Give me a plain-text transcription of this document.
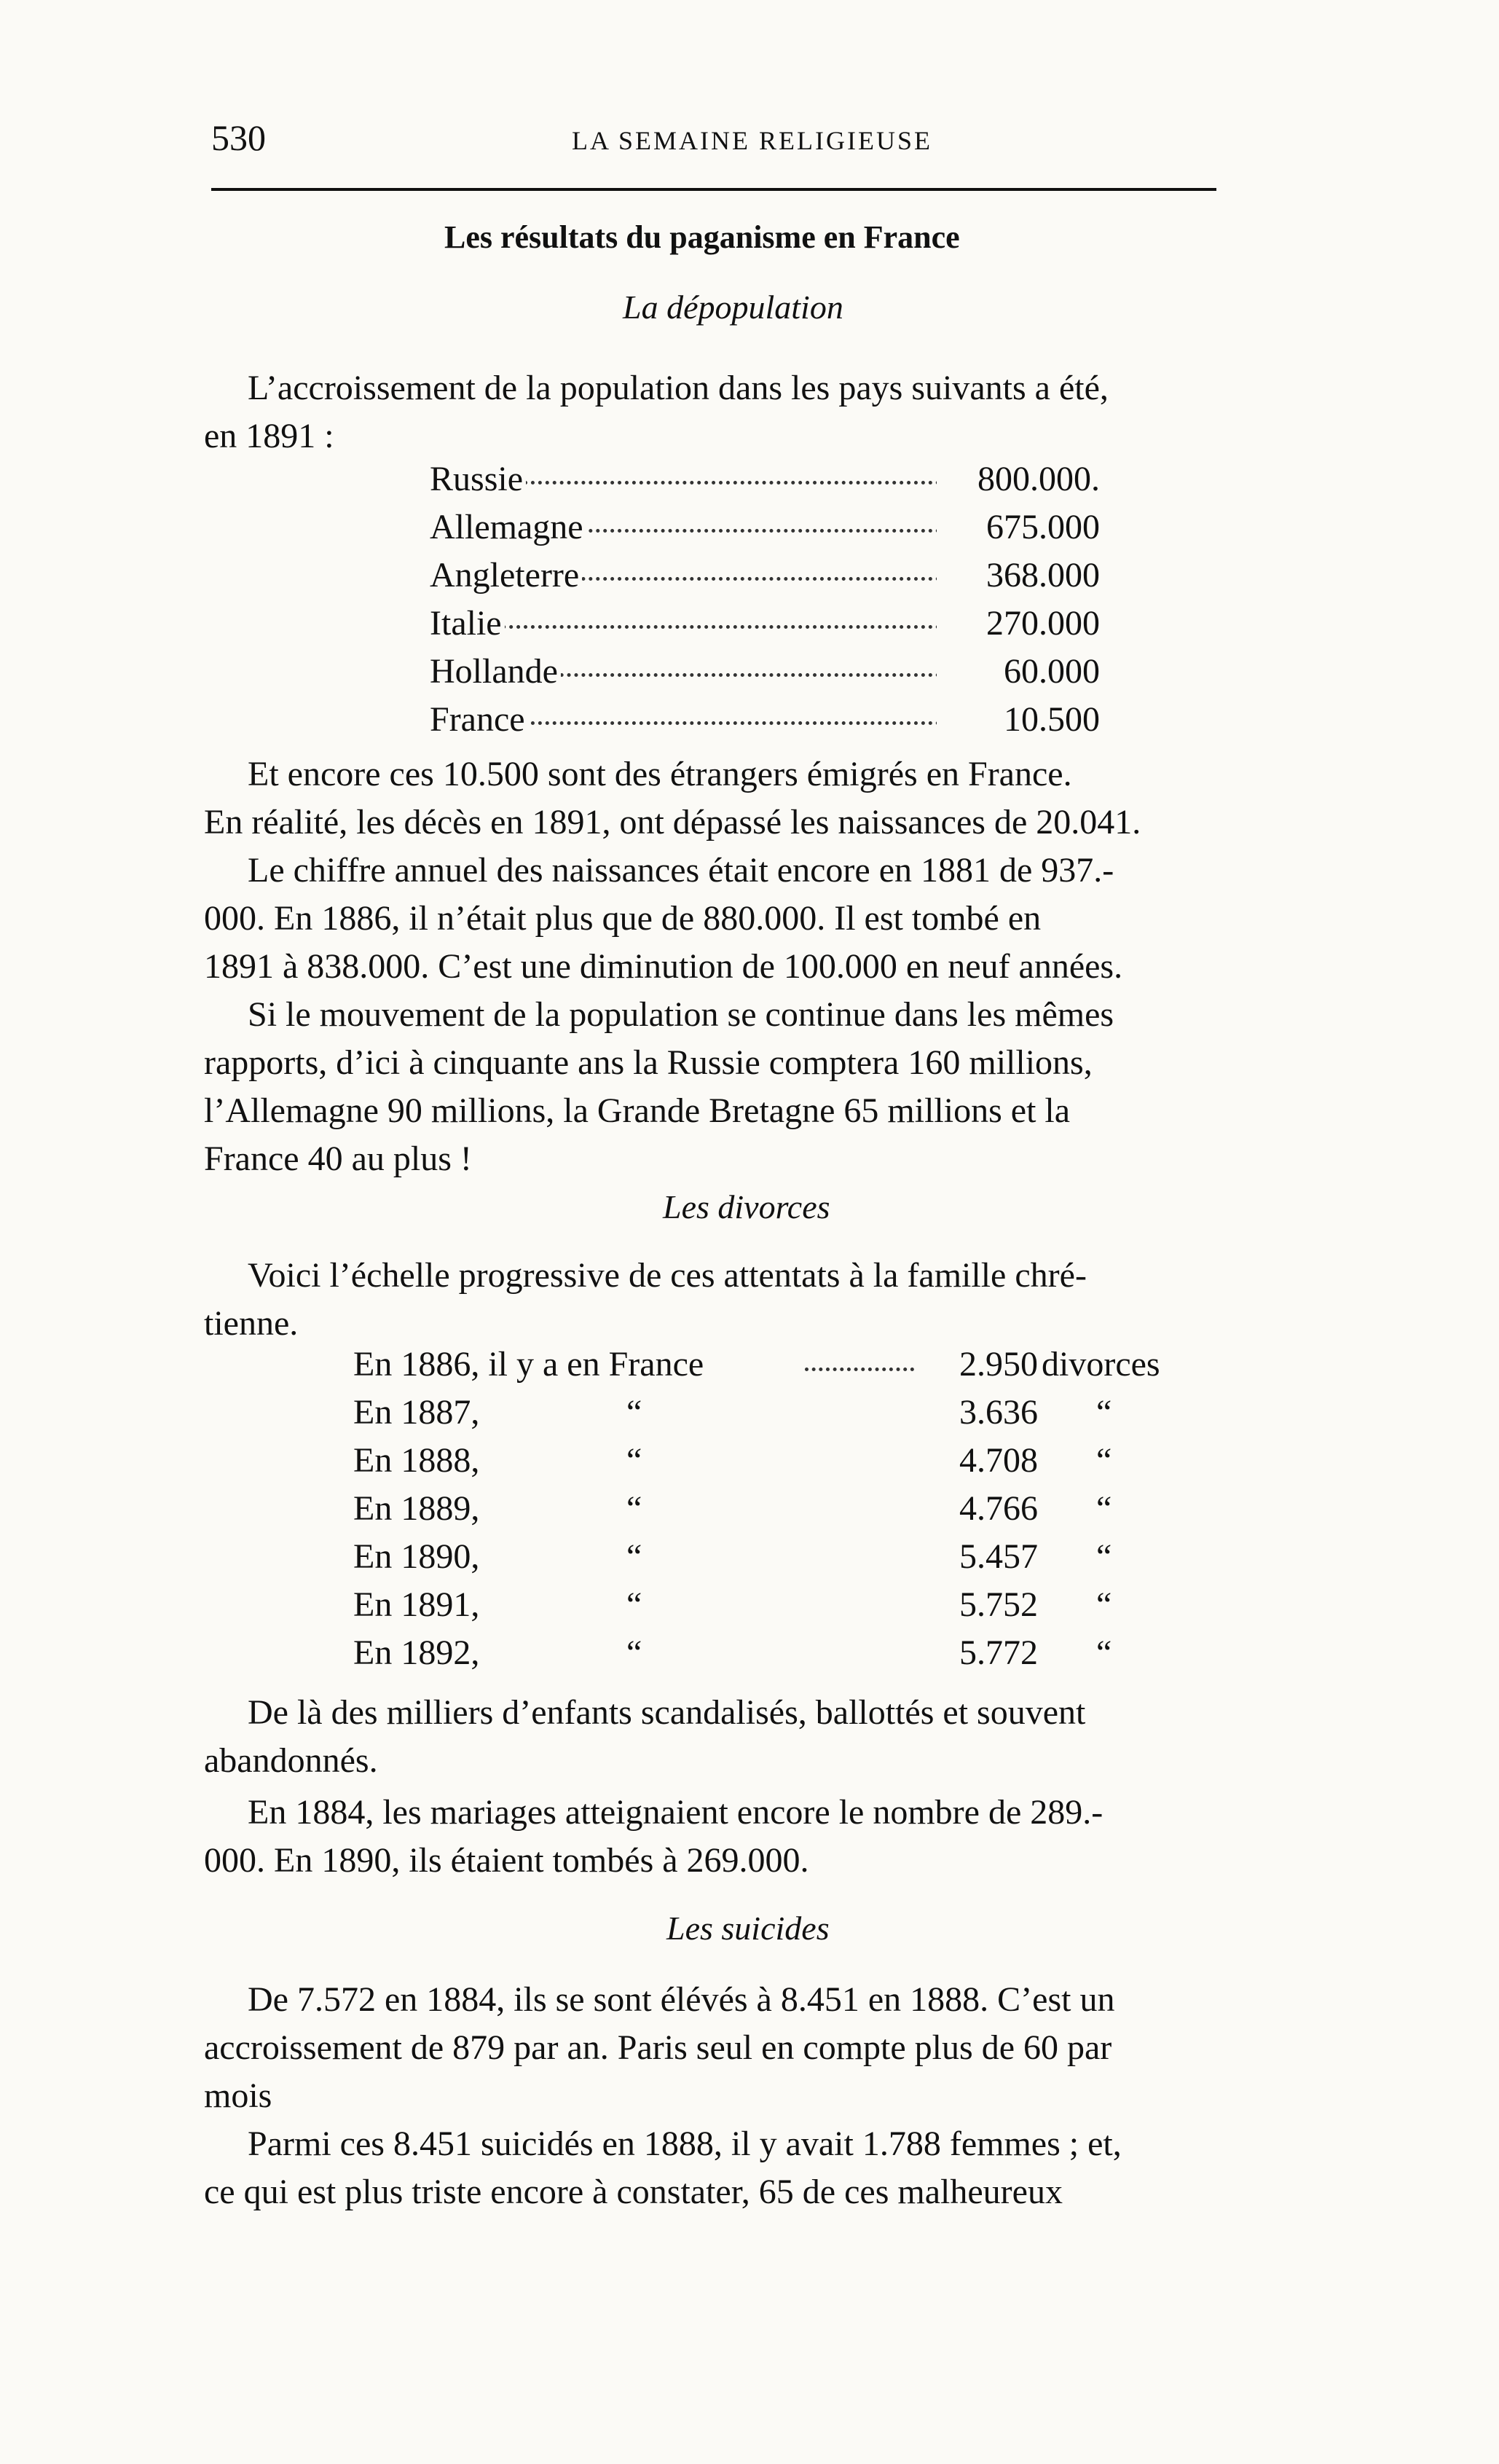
530	LA SEMAINE RELIGIEUSE
Les résultats du paganisme en France
La dépopulation
L’accroissement de la population dans les pays suivants a été,
en 1891 :
Russie	800.000.
Allemagne	675.000
Angleterre	368.000
Italie	270.000
Hollande	60.000
France	10.500
Et encore ces 10.500 sont des étrangers émigrés en France.
En réalité, les décès en 1891, ont dépassé les naissances de 20.041.
Le chiffre annuel des naissances était encore en 1881 de 937.-
000. En 1886, il n’était plus que de 880.000. Il est tombé en
1891 à 838.000. C’est une diminution de 100.000 en neuf années.
Si le mouvement de la population se continue dans les mêmes
rapports, d’ici à cinquante ans la Russie comptera 160 millions,
l’Allemagne 90 millions, la Grande Bretagne 65 millions et la
France 40 au plus !
Les divorces
Voici l’échelle progressive de ces attentats à la famille chré-
tienne.
En 1886, il y a en France	2.950 divorces
En 1887,	“	3.636 “
En 1888,	“	4.708 “
En 1889,	“	4.766 “
En 1890,	“	5.457 “
En 1891,	“	5.752 “
En 1892,	“	5.772 “
De là des milliers d’enfants scandalisés, ballottés et souvent
abandonnés.
En 1884, les mariages atteignaient encore le nombre de 289.-
000. En 1890, ils étaient tombés à 269.000.
Les suicides
De 7.572 en 1884, ils se sont élévés à 8.451 en 1888. C’est un
accroissement de 879 par an. Paris seul en compte plus de 60 par
mois
Parmi ces 8.451 suicidés en 1888, il y avait 1.788 femmes ; et,
ce qui est plus triste encore à constater, 65 de ces malheureux
